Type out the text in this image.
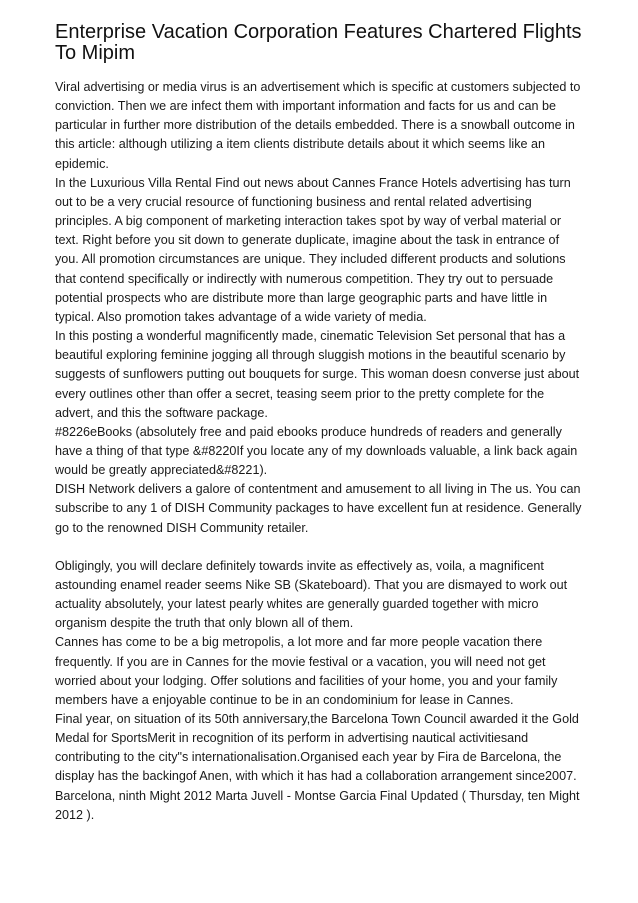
Enterprise Vacation Corporation Features Chartered Flights To Mipim

Viral advertising or media virus is an advertisement which is specific at customers subjected to conviction. Then we are infect them with important information and facts for us and can be particular in further more distribution of the details embedded. There is a snowball outcome in this article: although utilizing a item clients distribute details about it which seems like an epidemic.

In the Luxurious Villa Rental Find out news about Cannes France Hotels advertising has turn out to be a very crucial resource of functioning business and rental related advertising principles. A big component of marketing interaction takes spot by way of verbal material or text. Right before you sit down to generate duplicate, imagine about the task in entrance of you. All promotion circumstances are unique. They included different products and solutions that contend specifically or indirectly with numerous competition. They try out to persuade potential prospects who are distribute more than large geographic parts and have little in typical. Also promotion takes advantage of a wide variety of media.

In this posting a wonderful magnificently made, cinematic Television Set personal that has a beautiful exploring feminine jogging all through sluggish motions in the beautiful scenario by suggests of sunflowers putting out bouquets for surge. This woman doesn converse just about every outlines other than offer a secret, teasing seem prior to the pretty complete for the advert, and this the software package.

#8226eBooks (absolutely free and paid ebooks produce hundreds of readers and generally have a thing of that type &#8220If you locate any of my downloads valuable, a link back again would be greatly appreciated&#8221).

DISH Network delivers a galore of contentment and amusement to all living in The us. You can subscribe to any 1 of DISH Community packages to have excellent fun at residence. Generally go to the renowned DISH Community retailer.

Obligingly, you will declare definitely towards invite as effectively as, voila, a magnificent astounding enamel reader seems Nike SB (Skateboard). That you are dismayed to work out actuality absolutely, your latest pearly whites are generally guarded together with micro organism despite the truth that only blown all of them.

Cannes has come to be a big metropolis, a lot more and far more people vacation there frequently. If you are in Cannes for the movie festival or a vacation, you will need not get worried about your lodging. Offer solutions and facilities of your home, you and your family members have a enjoyable continue to be in an condominium for lease in Cannes.

Final year, on situation of its 50th anniversary,the Barcelona Town Council awarded it the Gold Medal for SportsMerit in recognition of its perform in advertising nautical activitiesand contributing to the city"s internationalisation.Organised each year by Fira de Barcelona, the display has the backingof Anen, with which it has had a collaboration arrangement since2007. Barcelona, ninth Might 2012 Marta Juvell - Montse Garcia Final Updated ( Thursday, ten Might 2012 ).
